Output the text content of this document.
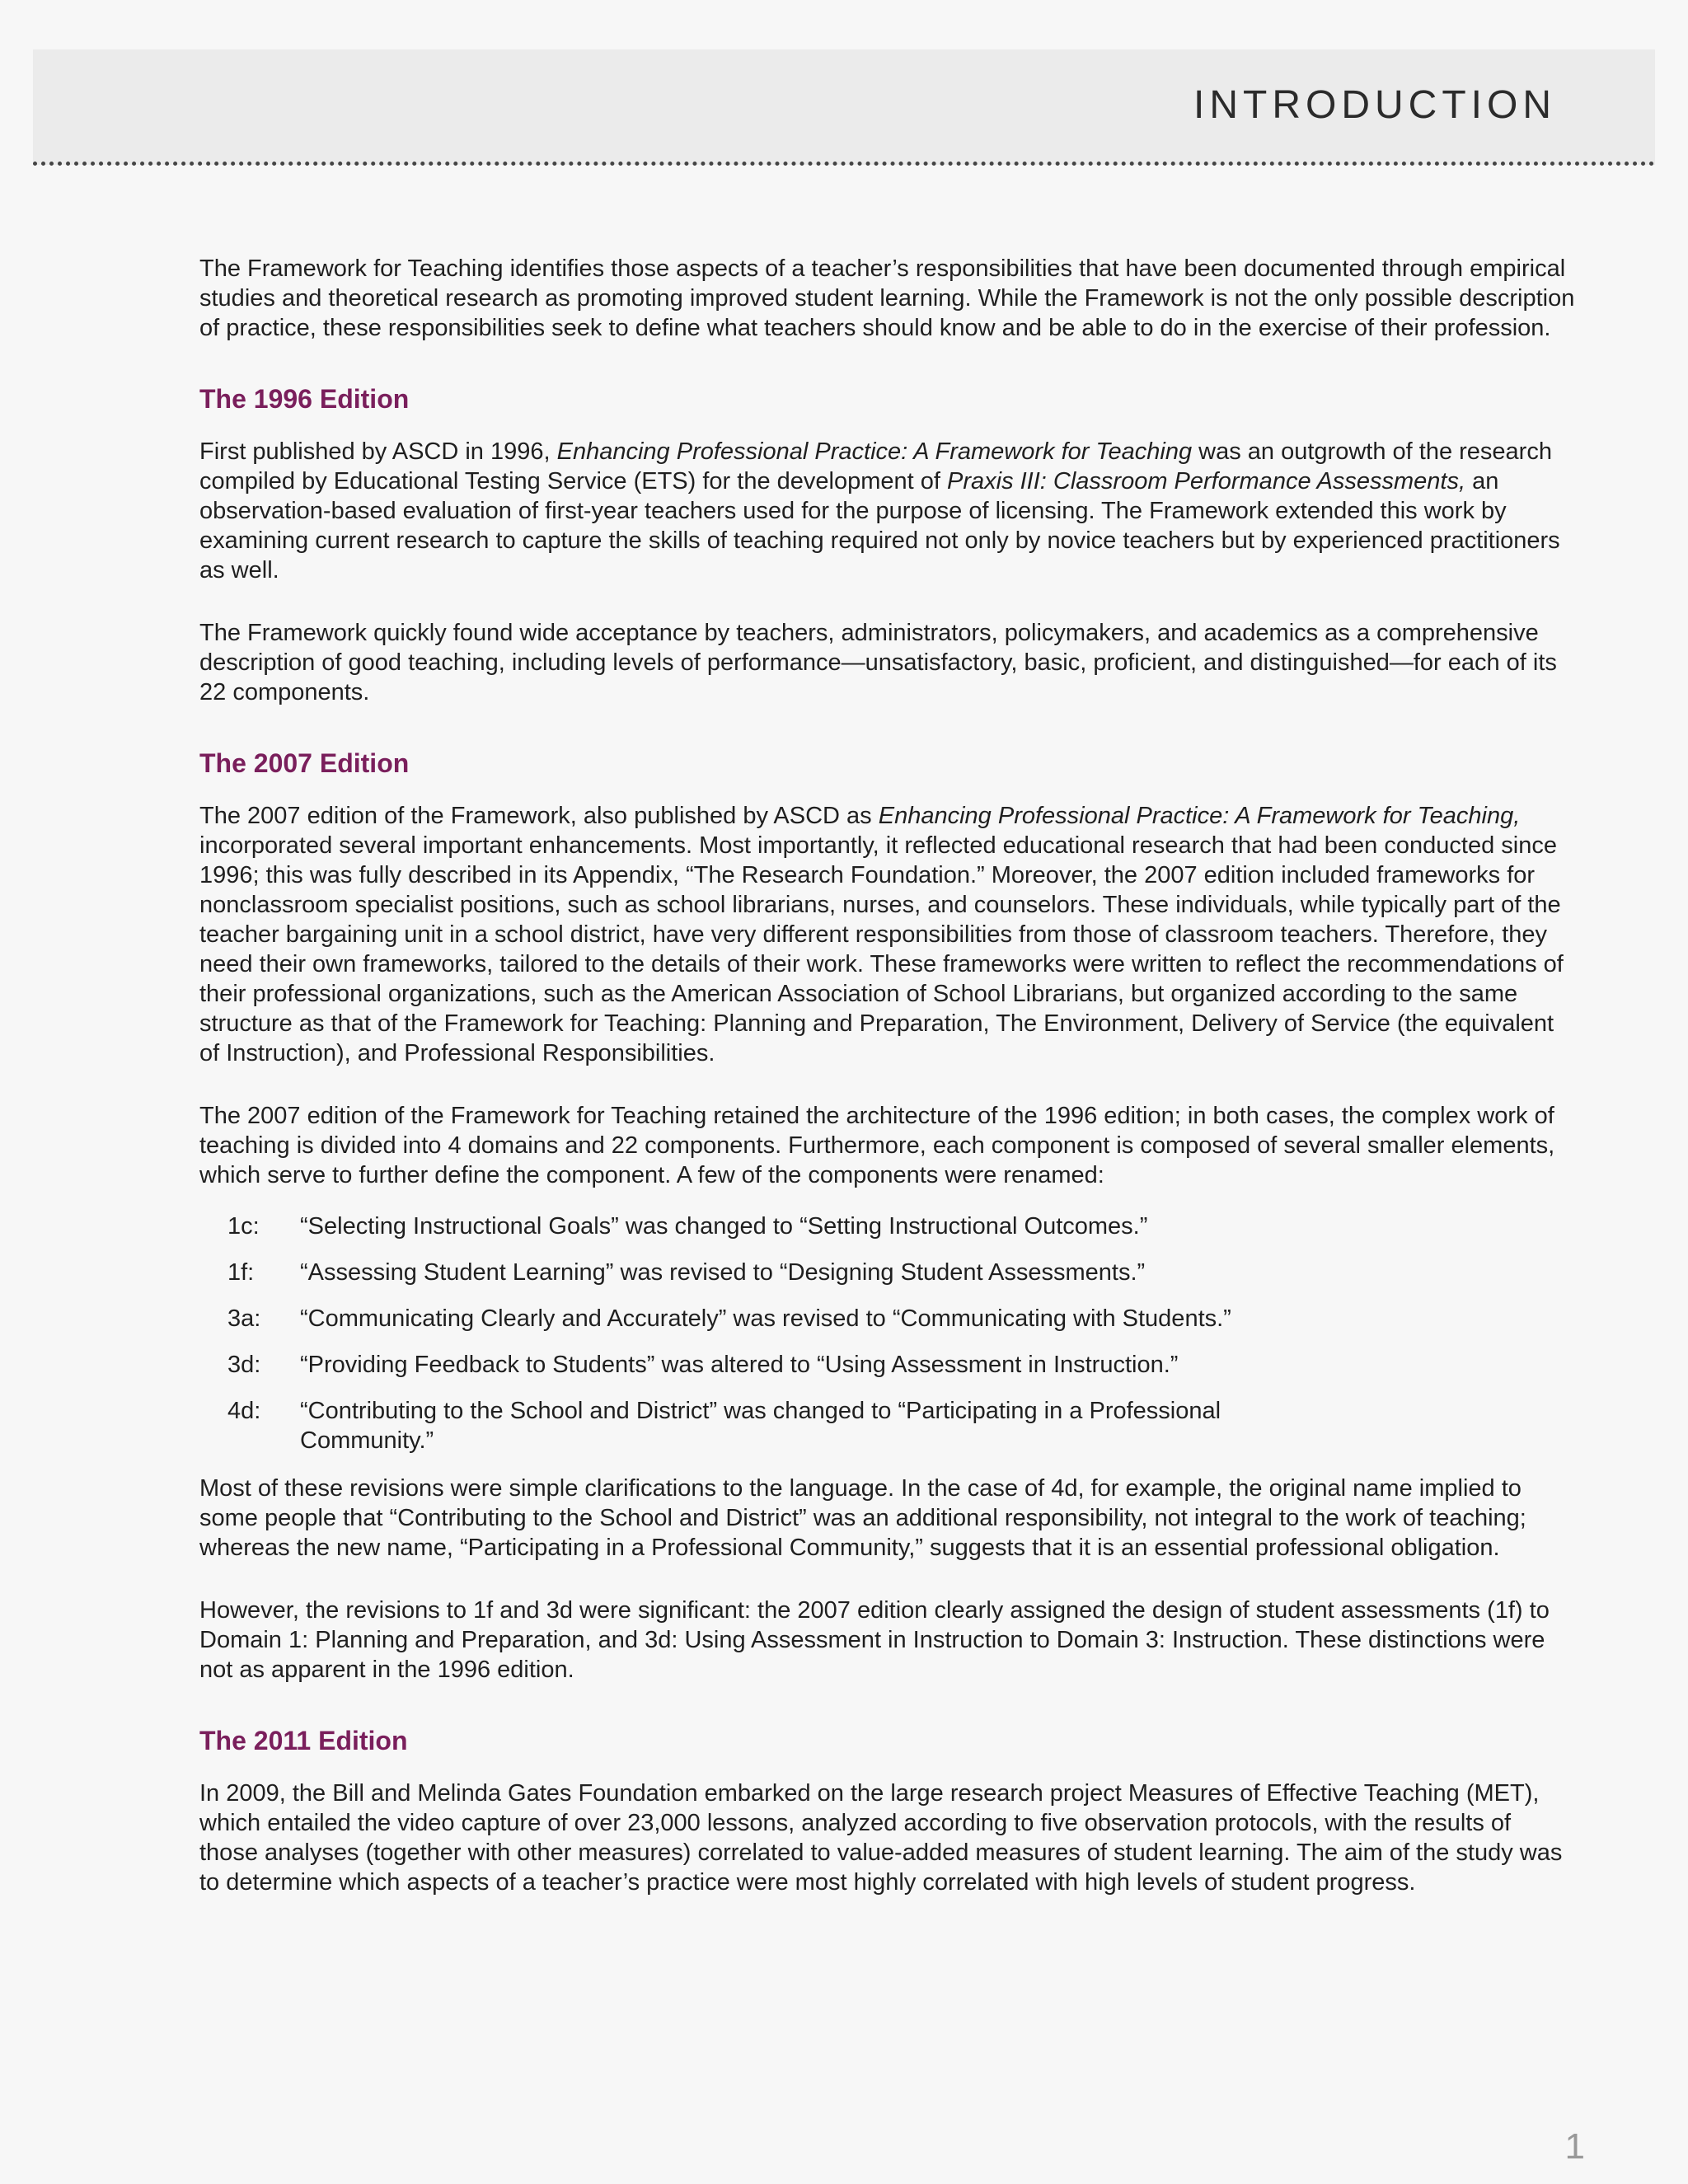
INTRODUCTION

The Framework for Teaching identifies those aspects of a teacher’s responsibilities that have been documented through empirical studies and theoretical research as promoting improved student learning. While the Framework is not the only possible description of practice, these responsibilities seek to define what teachers should know and be able to do in the exercise of their profession.

The 1996 Edition

First published by ASCD in 1996, Enhancing Professional Practice: A Framework for Teaching was an outgrowth of the research compiled by Educational Testing Service (ETS) for the development of Praxis III: Classroom Performance Assessments, an observation-based evaluation of first-year teachers used for the purpose of licensing. The Framework extended this work by examining current research to capture the skills of teaching required not only by novice teachers but by experienced practitioners as well.

The Framework quickly found wide acceptance by teachers, administrators, policymakers, and academics as a comprehensive description of good teaching, including levels of performance—unsatisfactory, basic, proficient, and distinguished—for each of its 22 components.

The 2007 Edition

The 2007 edition of the Framework, also published by ASCD as Enhancing Professional Practice: A Framework for Teaching, incorporated several important enhancements. Most importantly, it reflected educational research that had been conducted since 1996; this was fully described in its Appendix, “The Research Foundation.” Moreover, the 2007 edition included frameworks for nonclassroom specialist positions, such as school librarians, nurses, and counselors. These individuals, while typically part of the teacher bargaining unit in a school district, have very different responsibilities from those of classroom teachers. Therefore, they need their own frameworks, tailored to the details of their work. These frameworks were written to reflect the recommendations of their professional organizations, such as the American Association of School Librarians, but organized according to the same structure as that of the Framework for Teaching: Planning and Preparation, The Environment, Delivery of Service (the equivalent of Instruction), and Professional Responsibilities.

The 2007 edition of the Framework for Teaching retained the architecture of the 1996 edition; in both cases, the complex work of teaching is divided into 4 domains and 22 components. Furthermore, each component is composed of several smaller elements, which serve to further define the component. A few of the components were renamed:

1c:	“Selecting Instructional Goals” was changed to “Setting Instructional Outcomes.”
1f:	“Assessing Student Learning” was revised to “Designing Student Assessments.”
3a:	“Communicating Clearly and Accurately” was revised to “Communicating with Students.”
3d:	“Providing Feedback to Students” was altered to “Using Assessment in Instruction.”
4d:	“Contributing to the School and District” was changed to “Participating in a Professional Community.”

Most of these revisions were simple clarifications to the language. In the case of 4d, for example, the original name implied to some people that “Contributing to the School and District” was an additional responsibility, not integral to the work of teaching; whereas the new name, “Participating in a Professional Community,” suggests that it is an essential professional obligation.

However, the revisions to 1f and 3d were significant: the 2007 edition clearly assigned the design of student assessments (1f) to Domain 1: Planning and Preparation, and 3d: Using Assessment in Instruction to Domain 3: Instruction. These distinctions were not as apparent in the 1996 edition.

The 2011 Edition

In 2009, the Bill and Melinda Gates Foundation embarked on the large research project Measures of Effective Teaching (MET), which entailed the video capture of over 23,000 lessons, analyzed according to five observation protocols, with the results of those analyses (together with other measures) correlated to value-added measures of student learning. The aim of the study was to determine which aspects of a teacher’s practice were most highly correlated with high levels of student progress.

1
